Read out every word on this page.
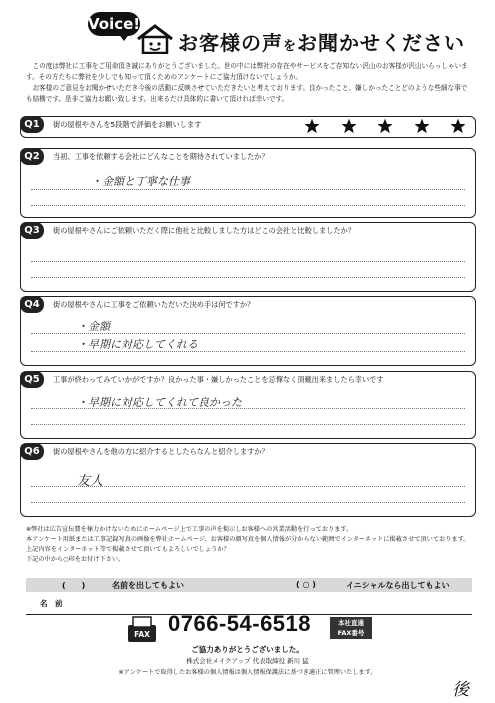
Voice!
お客様の声をお聞かせください

この度は弊社に工事をご用命頂き誠にありがとうございました。世の中には弊社の存在やサービスをご存知ない沢山のお客様が沢山いらっしゃいます。その方たちに弊社を少しでも知って頂くためのアンケートにご協力頂けないでしょうか。

お客様のご意見をお聞かせいただき今後の活動に反映させていただきたいと考えております。良かったこと、嫌しかったことどのような些細な事でも結構です。是非ご協力お願い致します。出来るだけ具体的に書いて頂ければ幸いです。

Q1	街の屋根やさんを5段階で評価をお願いします
Q2	当初、工事を依頼する会社にどんなことを期待されていましたか？
・金額と丁寧な仕事
Q3	街の屋根やさんにご依頼いただく際に他社と比較しました方はどこの会社と比較しましたか？
Q4	街の屋根やさんに工事をご依頼いただいた決め手は何ですか？
・金額
・早期に対応してくれる
Q5	工事が終わってみていかがですか？良かった事・嫌しかったことを忌憚なく頂戴出来ましたら幸いです
・早期に対応してくれて良かった
Q6	街の屋根やさんを他の方に紹介するとしたらなんと紹介しますか？
友人

※弊社は広告宣伝費を極力かけないためにホームページ上で工事の声を掲示しお客様への営業活動を行っております。

本アンケート用紙または工事記録写真の画像を弊社ホームページ、お客様の顔写真を個人情報が分からない範囲でインターネットに掲載させて頂いております。

上記内容をインターネット等で掲載させて頂いてもよろしいでしょうか？

下記の中から○印をお付け下さい。

(　　)	名前を出してもよい	( ○ )	イニシャルなら出してもよい
名　前
FAX 0766-54-6518	本社直通
FAX番号
ご協力ありがとうございました。
株式会社メイクアップ 代表取締役 新川 猛
※アンケートで取得したお客様の個人情報は個人情報保護法に基づき適正に管理いたします。
後
